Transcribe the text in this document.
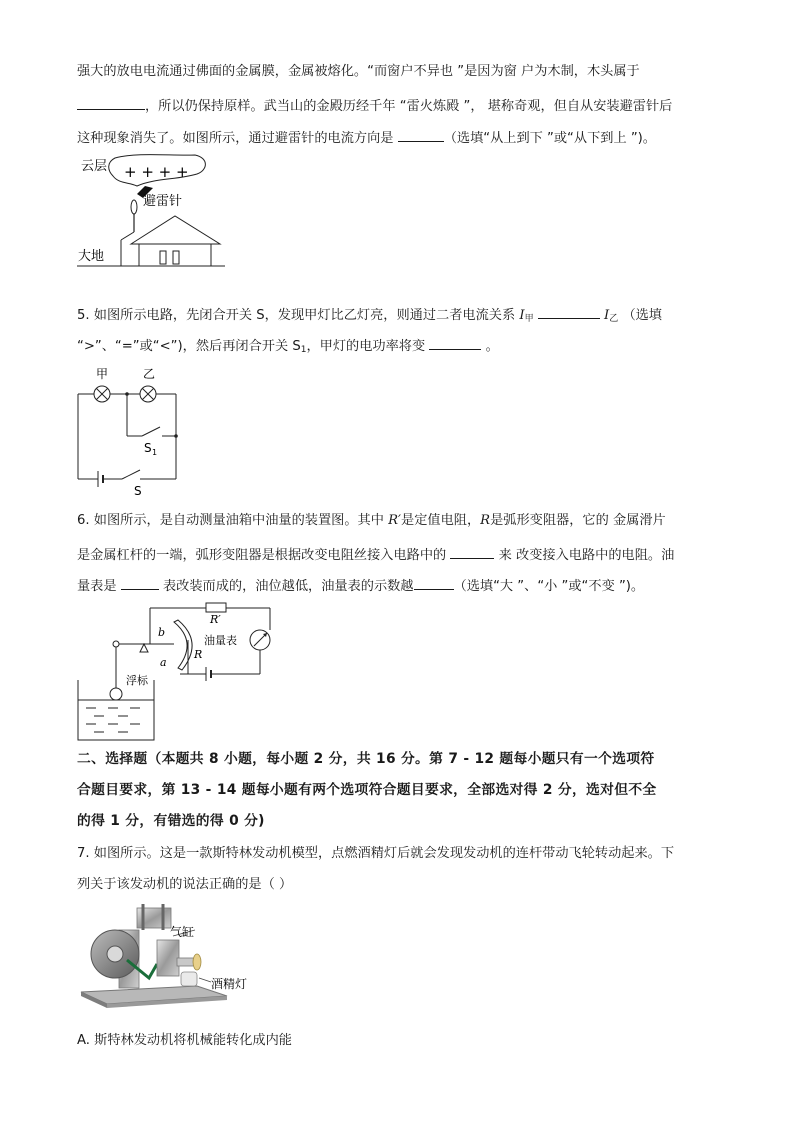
强大的放电电流通过佛面的金属膜，金属被熔化。“而窗户不异也 ”是因为窗 户为木制，木头属于
，所以仍保持原样。武当山的金殿历经千年 “雷火炼殿 ”， 堪称奇观，但自从安装避雷针后
这种现象消失了。如图所示，通过避雷针的电流方向是	（选填“从上到下 ”或“从下到上 ”)。
云层 + + + +
避雷针
大地
5. 如图所示电路，先闭合开关 S，发现甲灯比乙灯亮，则通过二者电流关系 $I_甲$	$I_乙$ （选填
“>”、“=”或“<”)，然后再闭合开关 $S_1$，甲灯的电功率将变	。
甲	乙
S 1
S
6. 如图所示，是自动测量油箱中油量的装置图。其中 R′是定值电阻，R是弧形变阻器，它的 金属滑片
是金属杠杆的一端，弧形变阻器是根据改变电阻丝接入电路中的	来 改变接入电路中的电阻。油
量表是	表改装而成的，油位越低，油量表的示数越	（选填“大 ”、“小 ”或“不变 ”)。
R′
油量表
R
b
a
浮标
二、选择题（本题共 8 小题，每小题 2 分，共 16 分。第 7 - 12 题每小题只有一个选项符
合题目要求，第 13 - 14 题每小题有两个选项符合题目要求，全部选对得 2 分，选对但不全
的得 1 分，有错选的得 0 分)
7. 如图所示。这是一款斯特林发动机模型，点燃酒精灯后就会发现发动机的连杆带动飞轮转动起来。下
列关于该发动机的说法正确的是（ ）
气缸
酒精灯
A. 斯特林发动机将机械能转化成内能
